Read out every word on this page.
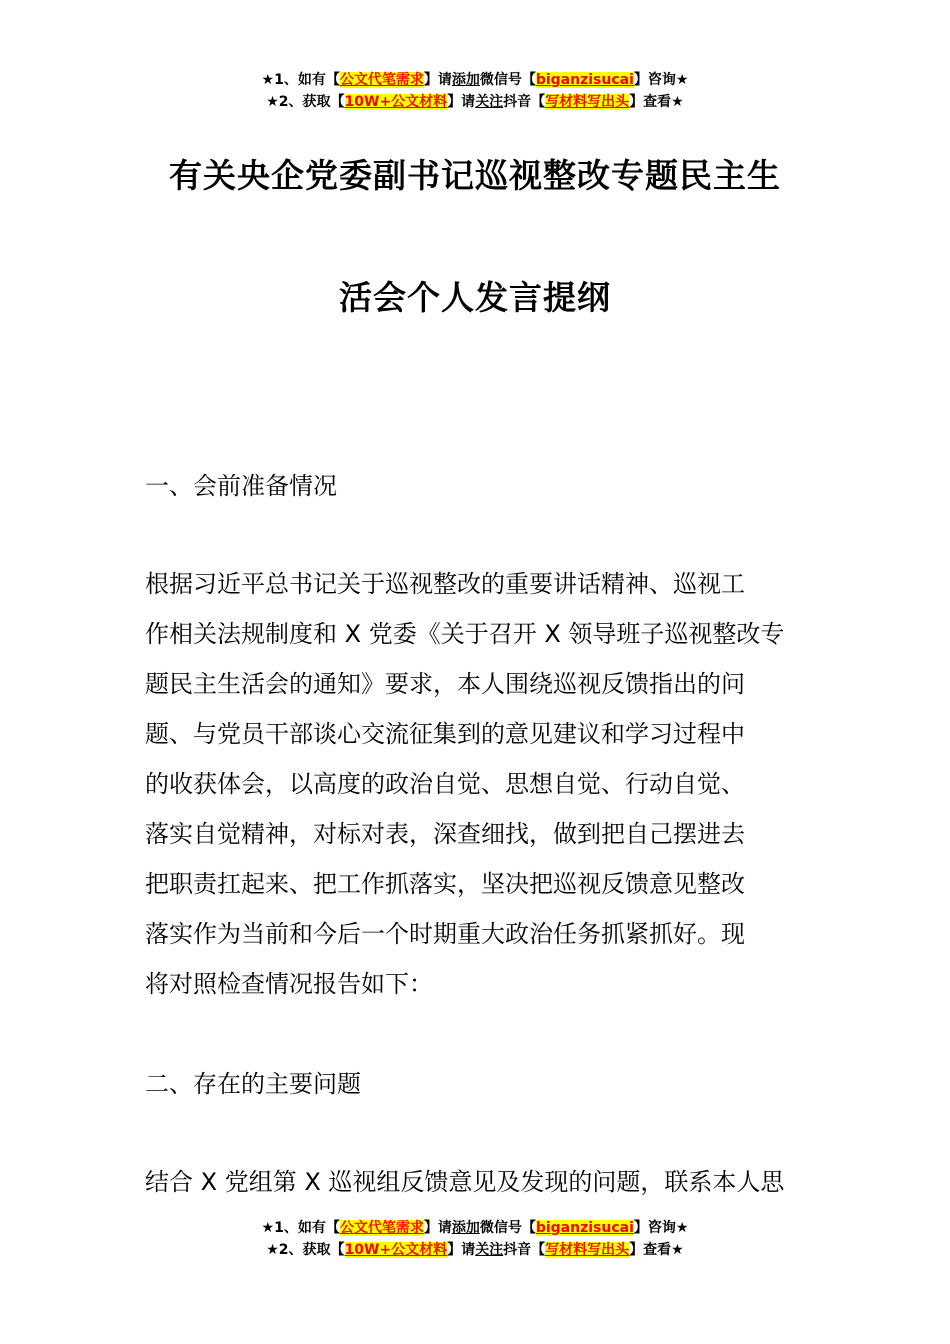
★1、如有【公文代笔需求】请添加微信号【biganzisucai】咨询★
★2、获取【10W+公文材料】请关注抖音【写材料写出头】查看★
有关央企党委副书记巡视整改专题民主生
活会个人发言提纲
一、会前准备情况
根据习近平总书记关于巡视整改的重要讲话精神、巡视工
作相关法规制度和 X 党委《关于召开 X 领导班子巡视整改专
题民主生活会的通知》要求，本人围绕巡视反馈指出的问
题、与党员干部谈心交流征集到的意见建议和学习过程中
的收获体会，以高度的政治自觉、思想自觉、行动自觉、
落实自觉精神，对标对表，深查细找，做到把自己摆进去
把职责扛起来、把工作抓落实，坚决把巡视反馈意见整改
落实作为当前和今后一个时期重大政治任务抓紧抓好。现
将对照检查情况报告如下：
二、存在的主要问题
结合 X 党组第 X 巡视组反馈意见及发现的问题，联系本人思
★1、如有【公文代笔需求】请添加微信号【biganzisucai】咨询★
★2、获取【10W+公文材料】请关注抖音【写材料写出头】查看★
